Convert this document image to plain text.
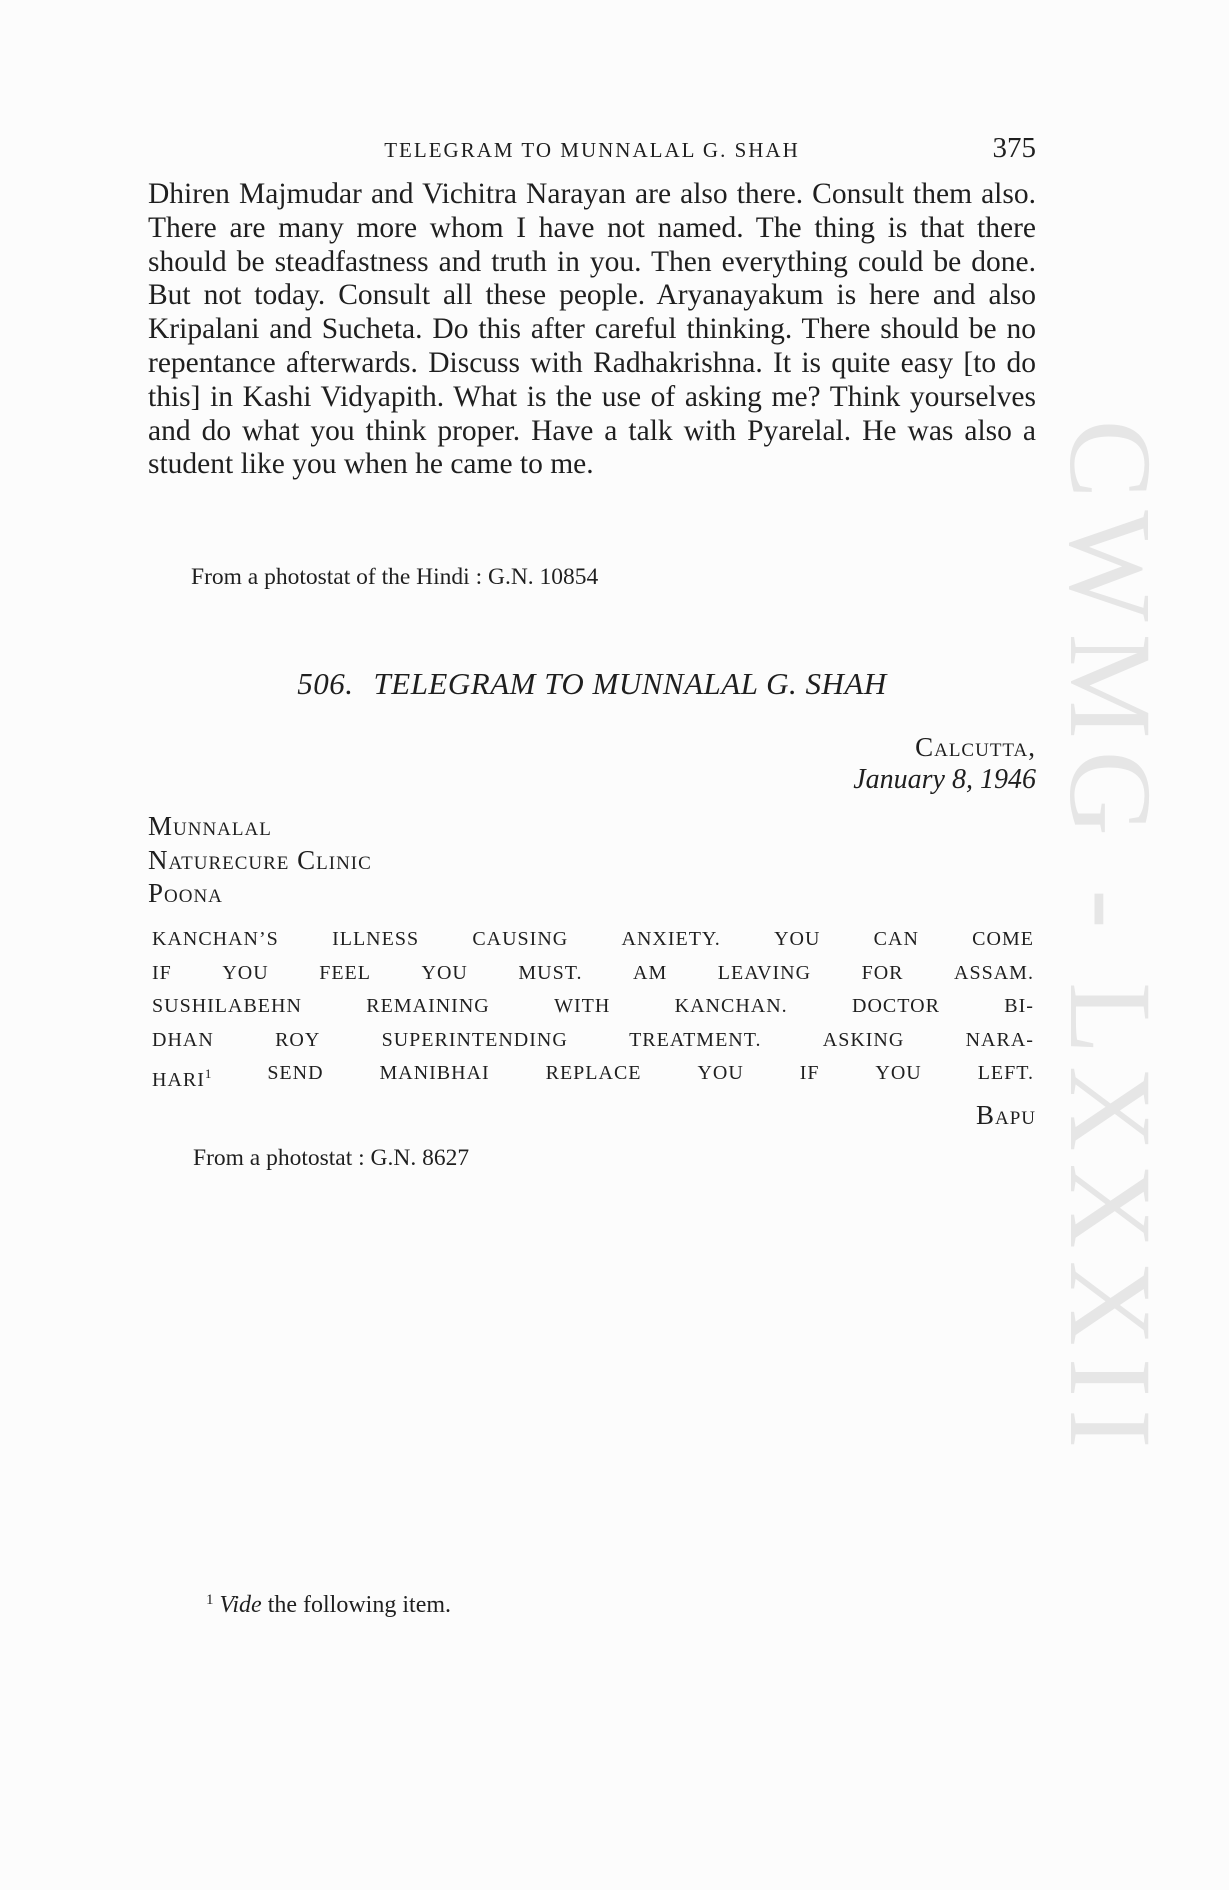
TELEGRAM TO MUNNALAL G. SHAH	375
Dhiren Majmudar and Vichitra Narayan are also there. Consult them also. There are many more whom I have not named. The thing is that there should be steadfastness and truth in you. Then everything could be done. But not today. Consult all these people. Aryanayakum is here and also Kripalani and Sucheta. Do this after careful thinking. There should be no repentance afterwards. Discuss with Radhakrishna. It is quite easy [to do this] in Kashi Vidyapith. What is the use of asking me? Think yourselves and do what you think proper. Have a talk with Pyarelal. He was also a student like you when he came to me.
From a photostat of the Hindi : G.N. 10854
506. TELEGRAM TO MUNNALAL G. SHAH
Calcutta,
January 8, 1946
Munnalal
Naturecure Clinic
Poona
KANCHAN’S	ILLNESS	CAUSING	ANXIETY.	YOU	CAN	COME
IF	YOU	FEEL	YOU	MUST.	AM	LEAVING	FOR	ASSAM.
SUSHILABEHN	REMAINING	WITH	KANCHAN.	DOCTOR	BI-
DHAN	ROY	SUPERINTENDING	TREATMENT.	ASKING	NARA-
HARI$^1$	SEND	MANIBHAI	REPLACE	YOU	IF	YOU	LEFT.
Bapu
From a photostat : G.N. 8627
$^1$ Vide the following item.
CWMG - LXXXII
